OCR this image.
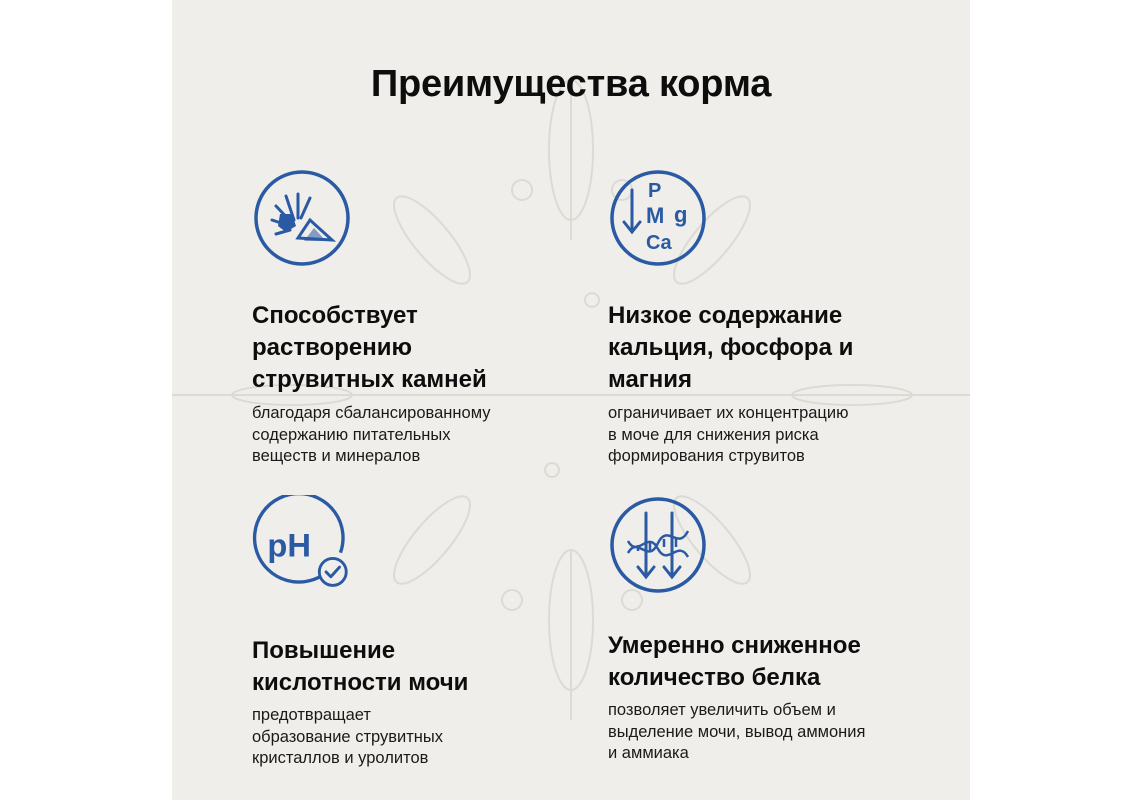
Преимущества корма
Способствует
растворению
струвитных камней
благодаря сбалансированному
содержанию питательных
веществ и минералов
P
M g
Ca
Низкое содержание
кальция, фосфора и
магния
ограничивает их концентрацию
в моче для снижения риска
формирования струвитов
pH
Повышение
кислотности мочи
предотвращает
образование струвитных
кристаллов и уролитов
Умеренно сниженное
количество белка
позволяет увеличить объем и
выделение мочи, вывод аммония
и аммиака
